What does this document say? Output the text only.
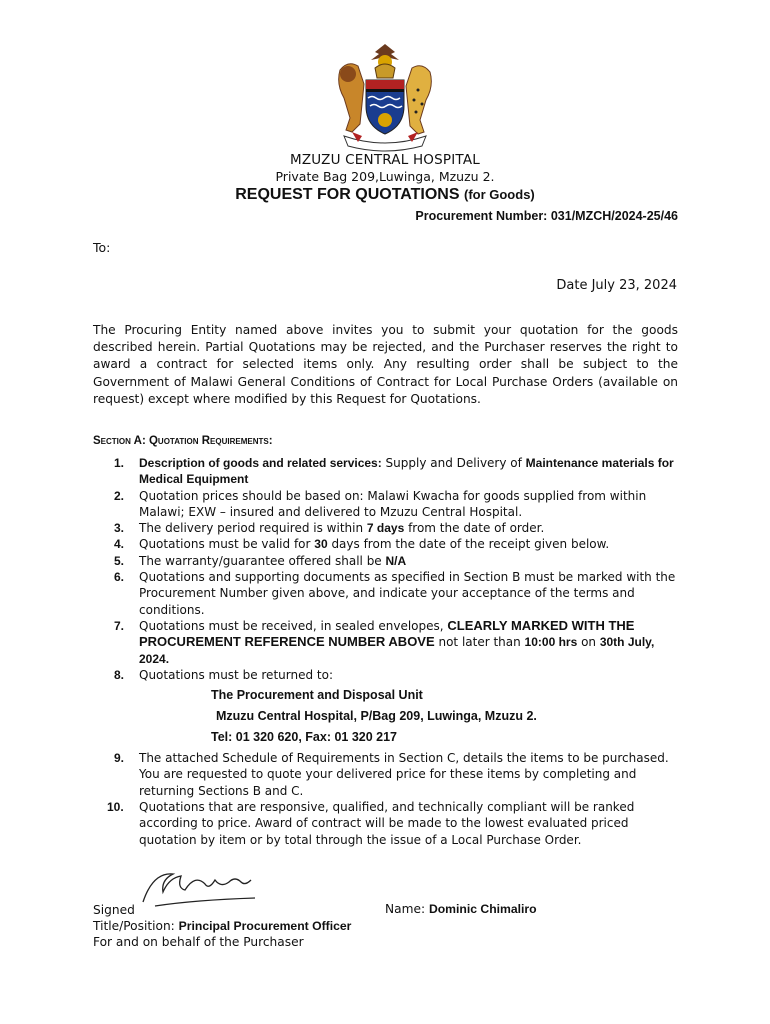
MZUZU CENTRAL HOSPITAL
Private Bag 209,Luwinga, Mzuzu 2.
REQUEST FOR QUOTATIONS (for Goods)
Procurement Number: 031/MZCH/2024-25/46
To:
Date July 23, 2024
The Procuring Entity named above invites you to submit your quotation for the goods described herein. Partial Quotations may be rejected, and the Purchaser reserves the right to award a contract for selected items only. Any resulting order shall be subject to the Government of Malawi General Conditions of Contract for Local Purchase Orders (available on request) except where modified by this Request for Quotations.
Section A: Quotation Requirements:
1. Description of goods and related services: Supply and Delivery of Maintenance materials for Medical Equipment
2. Quotation prices should be based on: Malawi Kwacha for goods supplied from within Malawi; EXW – insured and delivered to Mzuzu Central Hospital.
3. The delivery period required is within 7 days from the date of order.
4. Quotations must be valid for 30 days from the date of the receipt given below.
5. The warranty/guarantee offered shall be N/A
6. Quotations and supporting documents as specified in Section B must be marked with the Procurement Number given above, and indicate your acceptance of the terms and conditions.
7. Quotations must be received, in sealed envelopes, CLEARLY MARKED WITH THE PROCUREMENT REFERENCE NUMBER ABOVE not later than 10:00 hrs on 30th July, 2024.
8. Quotations must be returned to:
The Procurement and Disposal Unit
Mzuzu Central Hospital, P/Bag 209, Luwinga, Mzuzu 2.
Tel: 01 320 620, Fax: 01 320 217
9. The attached Schedule of Requirements in Section C, details the items to be purchased. You are requested to quote your delivered price for these items by completing and returning Sections B and C.
10. Quotations that are responsive, qualified, and technically compliant will be ranked according to price. Award of contract will be made to the lowest evaluated priced quotation by item or by total through the issue of a Local Purchase Order.
Signed
Title/Position: Principal Procurement Officer
For and on behalf of the Purchaser
Name: Dominic Chimaliro
